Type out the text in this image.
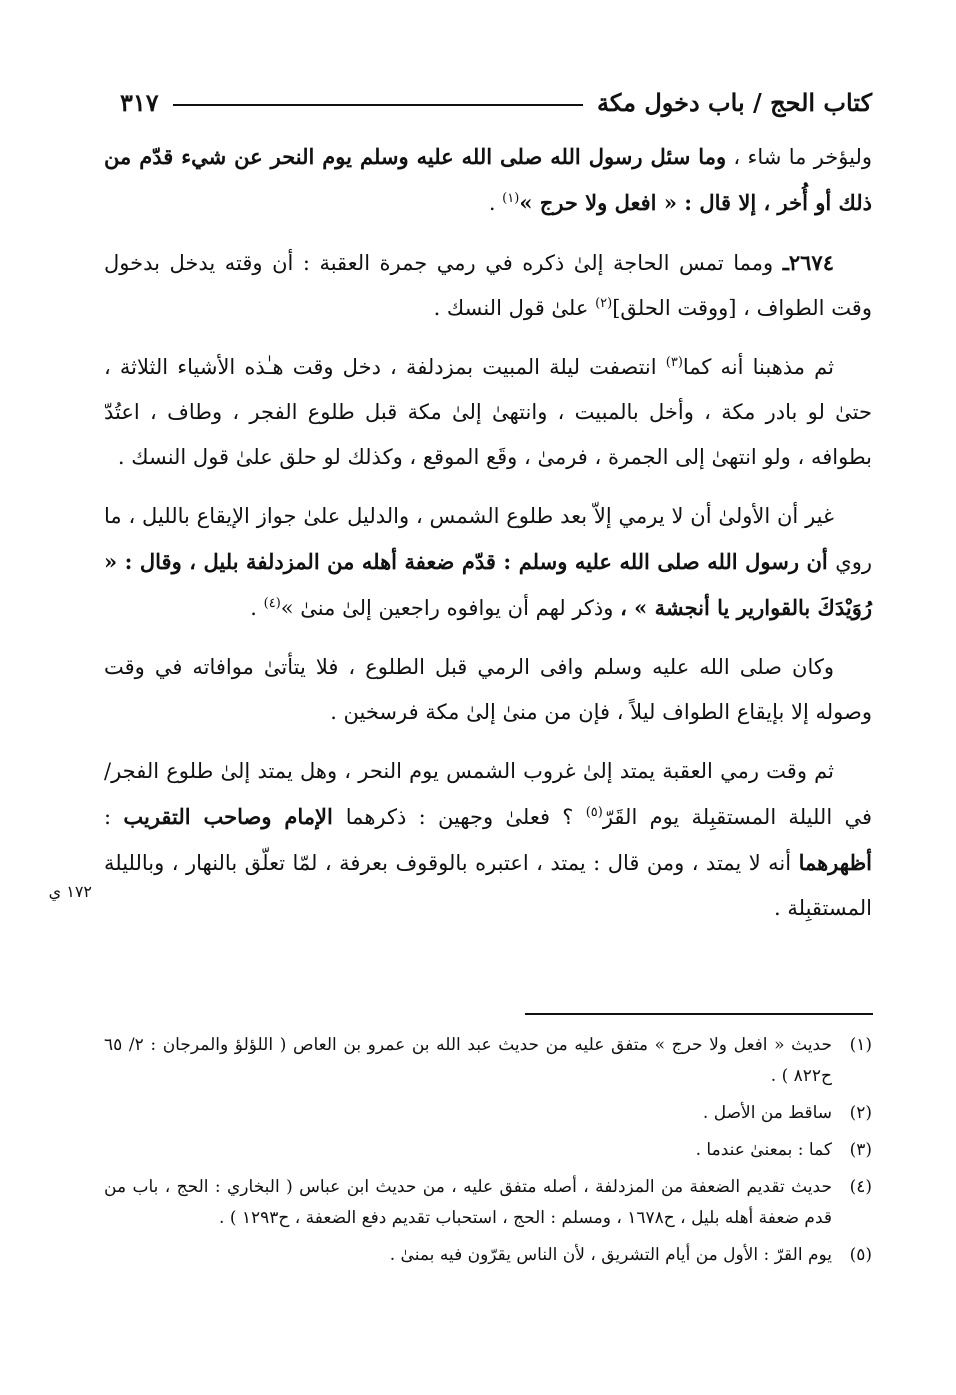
كتاب الحج / باب دخول مكة
٣١٧
١٧٢ ي

وليؤخر ما شاء ، وما سئل رسول الله صلى الله عليه وسلم يوم النحر عن شيء قدّم من ذلك أو أُخر ، إلا قال : « افعل ولا حرج »$^{(١)}$ .

٢٦٧٤ـ ومما تمس الحاجة إلىٰ ذكره في رمي جمرة العقبة : أن وقته يدخل بدخول وقت الطواف ، [ووقت الحلق]$^{(٢)}$ علىٰ قول النسك .

ثم مذهبنا أنه كما$^{(٣)}$ انتصفت ليلة المبيت بمزدلفة ، دخل وقت هـٰذه الأشياء الثلاثة ، حتىٰ لو بادر مكة ، وأخل بالمبيت ، وانتهىٰ إلىٰ مكة قبل طلوع الفجر ، وطاف ، اعتُدّ بطوافه ، ولو انتهىٰ إلى الجمرة ، فرمىٰ ، وقَع الموقع ، وكذلك لو حلق علىٰ قول النسك .

غير أن الأولىٰ أن لا يرمي إلاّ بعد طلوع الشمس ، والدليل علىٰ جواز الإيقاع بالليل ، ما روي أن رسول الله صلى الله عليه وسلم : قدّم ضعفة أهله من المزدلفة بليل ، وقال : « رُوَيْدَكَ بالقوارير يا أنجشة » ، وذكر لهم أن يوافوه راجعين إلىٰ منىٰ »$^{(٤)}$ .

وكان صلى الله عليه وسلم وافى الرمي قبل الطلوع ، فلا يتأتىٰ موافاته في وقت وصوله إلا بإيقاع الطواف ليلاً ، فإن من منىٰ إلىٰ مكة فرسخين .

ثم وقت رمي العقبة يمتد إلىٰ غروب الشمس يوم النحر ، وهل يمتد إلىٰ طلوع الفجر/ في الليلة المستقبِلة يوم القَرّ$^{(٥)}$ ؟ فعلىٰ وجهين : ذكرهما الإمام وصاحب التقريب : أظهرهما أنه لا يمتد ، ومن قال : يمتد ، اعتبره بالوقوف بعرفة ، لمّا تعلّق بالنهار ، وبالليلة المستقبِلة .

(١)
حديث « افعل ولا حرج » متفق عليه من حديث عبد الله بن عمرو بن العاص ( اللؤلؤ والمرجان : ٢/ ٦٥ ح٨٢٢ ) .
(٢)
ساقط من الأصل .
(٣)
كما : بمعنىٰ عندما .
(٤)
حديث تقديم الضعفة من المزدلفة ، أصله متفق عليه ، من حديث ابن عباس ( البخاري : الحج ، باب من قدم ضعفة أهله بليل ، ح١٦٧٨ ، ومسلم : الحج ، استحباب تقديم دفع الضعفة ، ح١٢٩٣ ) .
(٥)
يوم القرّ : الأول من أيام التشريق ، لأن الناس يقرّون فيه بمنىٰ .
